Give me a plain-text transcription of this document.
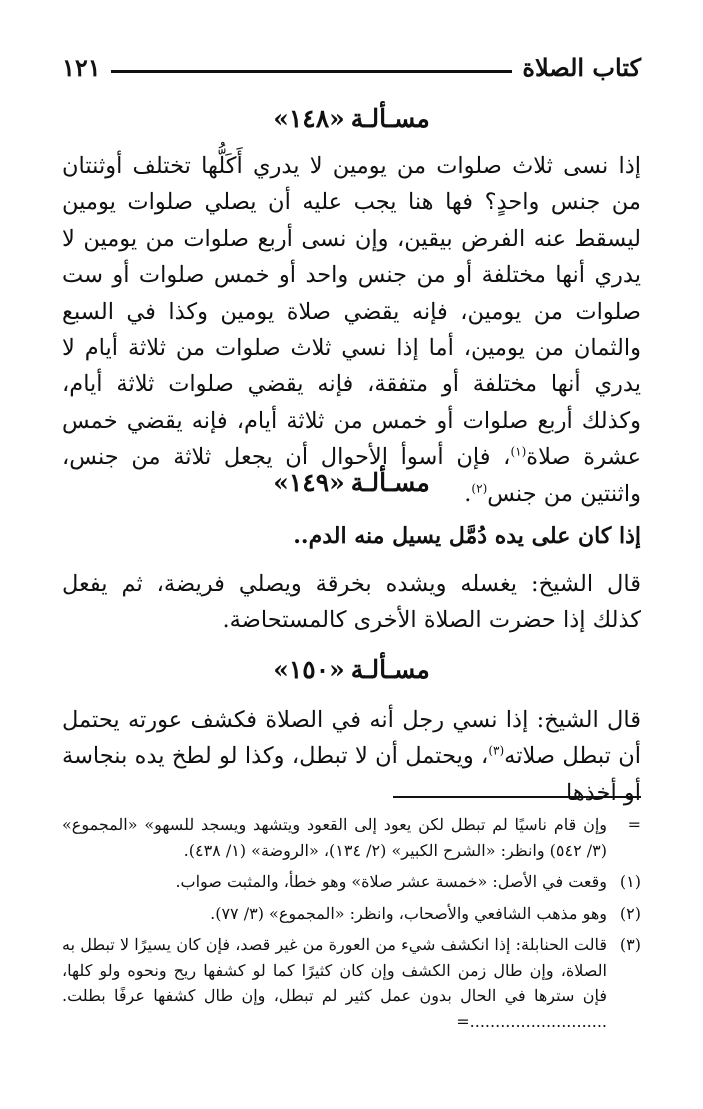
كتاب الصلاة
١٢١
مسـألـة«١٤٨»

إذا نسى ثلاث صلوات من يومين لا يدري أَكَلُّها تختلف أوثنتان من جنس واحدٍ؟ فها هنا يجب عليه أن يصلي صلوات يومين ليسقط عنه الفرض بيقين، وإن نسى أربع صلوات من يومين لا يدري أنها مختلفة أو من جنس واحد أو خمس صلوات أو ست صلوات من يومين، فإنه يقضي صلاة يومين وكذا في السبع والثمان من يومين، أما إذا نسي ثلاث صلوات من ثلاثة أيام لا يدري أنها مختلفة أو متفقة، فإنه يقضي صلوات ثلاثة أيام، وكذلك أربع صلوات أو خمس من ثلاثة أيام، فإنه يقضي خمس عشرة صلاة$^{(١)}$، فإن أسوأ الأحوال أن يجعل ثلاثة من جنس، واثنتين من جنس$^{(٢)}$.

مسـألـة«١٤٩»

إذا كان على يده دُمَّل يسيل منه الدم..

قال الشيخ: يغسله ويشده بخرقة ويصلي فريضة، ثم يفعل كذلك إذا حضرت الصلاة الأخرى كالمستحاضة.

مسـألـة«١٥٠»

قال الشيخ: إذا نسي رجل أنه في الصلاة فكشف عورته يحتمل أن تبطل صلاته$^{(٣)}$، ويحتمل أن لا تبطل، وكذا لو لطخ يده بنجاسة أو أخذها

=
وإن قام ناسيًا لم تبطل لكن يعود إلى القعود ويتشهد ويسجد للسهو» «المجموع» (٣/ ٥٤٢) وانظر: «الشرح الكبير» (٢/ ١٣٤)، «الروضة» (١/ ٤٣٨).
(١)
وقعت في الأصل: «خمسة عشر صلاة» وهو خطأ، والمثبت صواب.
(٢)
وهو مذهب الشافعي والأصحاب، وانظر: «المجموع» (٣/ ٧٧).
(٣)
قالت الحنابلة: إذا انكشف شيء من العورة من غير قصد، فإن كان يسيرًا لا تبطل به الصلاة، وإن طال زمن الكشف وإن كان كثيرًا كما لو كشفها ريح ونحوه ولو كلها، فإن سترها في الحال بدون عمل كثير لم تبطل، وإن طال كشفها عرفًا بطلت. ...........................=
